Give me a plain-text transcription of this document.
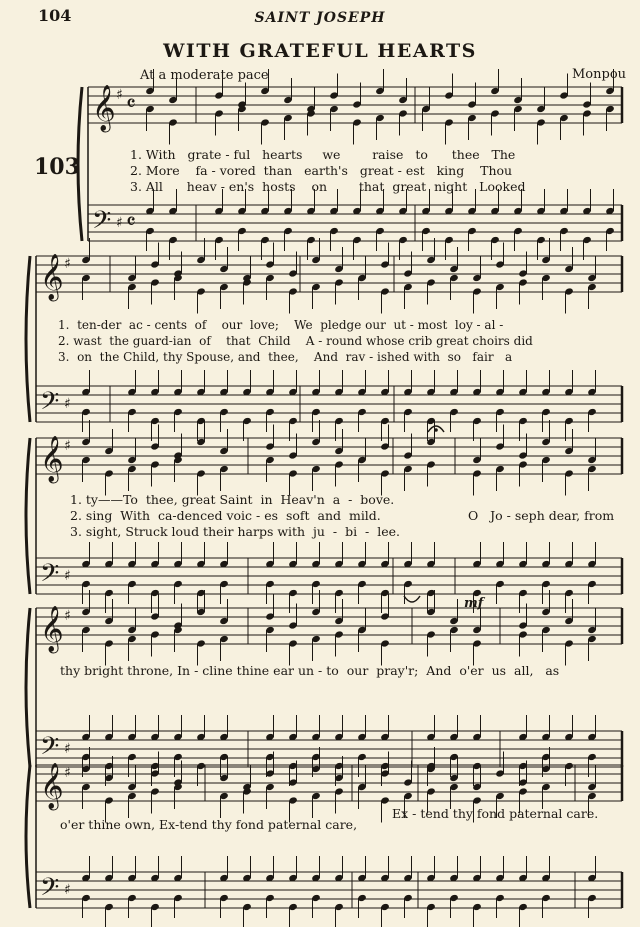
104	SAINT JOSEPH
WITH GRATEFUL HEARTS
At a moderate pace	Monpou
103
𝄞
𝄢
♯
♯
𝄴
𝄴
𝄞
𝄢
♯
♯
𝄞
𝄢
♯
♯
𝄞
𝄢
♯
♯
𝄞
𝄢
♯
♯
1. With   grate - ful   hearts     we        raise   to      thee   The
2. More    fa - vored  than   earth's   great - est   king    Thou
3. All      heav - en's  hosts    on        that  great  night   Looked
1.  ten-der  ac - cents  of    our  love;    We  pledge our  ut - most  loy - al -
2. wast  the guard-ian  of    that  Child    A - round whose crib great choirs did
3.  on  the Child, thy Spouse, and  thee,    And  rav - ished with  so   fair   a
1. ty——To  thee, great Saint  in  Heav'n  a  -  bove.
2. sing  With  ca-denced voic - es  soft  and  mild.
3. sight, Struck loud their harps with  ju  -  bi  -  lee.
O   Jo - seph dear, from
thy bright throne, In - cline thine ear un - to  our  pray'r;  And  o'er  us  all,   as
o'er thine own, Ex-tend thy fond paternal care,
Ex - tend thy fond paternal care.
mf
